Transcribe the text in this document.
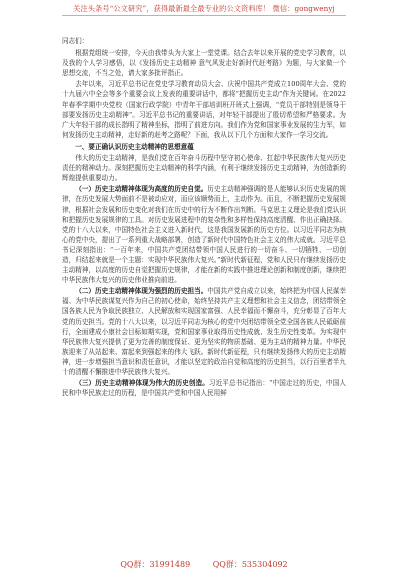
关注头条号“公文研究”，获得最新最全最专业的公文资料库！ 微信：gongwenyj

同志们：

根据党组统一安排，今天由我带头为大家上一堂党课。结合去年以来开展的党史学习教育，以及我的个人学习感悟，以《发扬历史主动精神 意气风发走好新时代赶考路》为题，与大家做一个思想交流，不当之处，请大家多批评指正。

去年以来，习近平总书记在党史学习教育动员大会、庆祝中国共产党成立100周年大会、党的十九届六中全会等多个重要会议上发表的重要讲话中，都将“把握历史主动”作为关键词。在2022年春季学期中央党校（国家行政学院）中青年干部培训班开班式上强调，“党员干部特别是领导干部要发扬历史主动精神”。习近平总书记的重要讲话，对年轻干部提出了殷切希望和严格要求。为广大年轻干部的成长指明了精神坐标，指明了前进方向。我们作为党和国家事业发展的生力军，如何发扬历史主动精神，走好新的赶考之路呢？下面，我从以下几个方面和大家作一学习交流。

一、要正确认识历史主动精神的思想意蕴

伟大的历史主动精神，是我们党在百年奋斗历程中坚守初心使命、扛起中华民族伟大复兴历史责任的精神动力。深刻把握历史主动精神的科学内涵，有利于继续发扬历史主动精神，为创造新的辉煌提供重要动力。

（一）历史主动精神体现为高度的历史自觉。历史主动精神强调的是人能够认识历史发展的规律，在历史发展大势面前不是被动应对，而应该顺势而上，主动作为。而且，不断把握历史发展规律，根据社会发展和历史变化对我们在历史中的行为不断作出判断。马克思主义理论是我们党认识和把握历史发展规律的工具。对历史发展进程中的复杂性和多样性保持高度清醒、作出正确抉择。党的十八大以来，中国特色社会主义进入新时代，这是我国发展新的历史方位。以习近平同志为核心的党中央，提出了一系列重大战略部署，创造了新时代中国特色社会主义的伟大成就。习近平总书记深刻指出：“一百年来，中国共产党团结带领中国人民进行的一切奋斗、一切牺牲、一切创造，归结起来就是一个主题：实现中华民族伟大复兴。”新时代新征程，党和人民只有继续发扬历史主动精神，以高度的历史自觉把握历史规律，才能在新的实践中推进理论创新和制度创新，继续把中华民族伟大复兴的历史伟业推向前进。

（二）历史主动精神体现为强烈的历史担当。中国共产党自成立以来，始终把为中国人民谋幸福、为中华民族谋复兴作为自己的初心使命，始终坚持共产主义理想和社会主义信念，团结带领全国各族人民为争取民族独立、人民解放和实现国家富强、人民幸福而不懈奋斗，充分彰显了百年大党的历史担当。党的十八大以来，以习近平同志为核心的党中央团结带领全党全国各族人民砥砺前行，全面建成小康社会目标如期实现，党和国家事业取得历史性成就、发生历史性变革。为实现中华民族伟大复兴提供了更为完善的制度保证、更为坚实的物质基础、更为主动的精神力量。中华民族迎来了从站起来、富起来到强起来的伟大飞跃。新时代新征程，只有继续发扬伟大的历史主动精神，进一步增强担当意识和责任意识，才能以坚定的政治自觉和高度的历史担当，以行百里者半九十的清醒不懈推进中华民族伟大复兴。

（三）历史主动精神体现为伟大的历史创造。习近平总书记指出：“中国走过的历史，中国人民和中华民族走过的历程，是中国共产党和中国人民用鲜

QQ群：31991489	QQ群：535304092
